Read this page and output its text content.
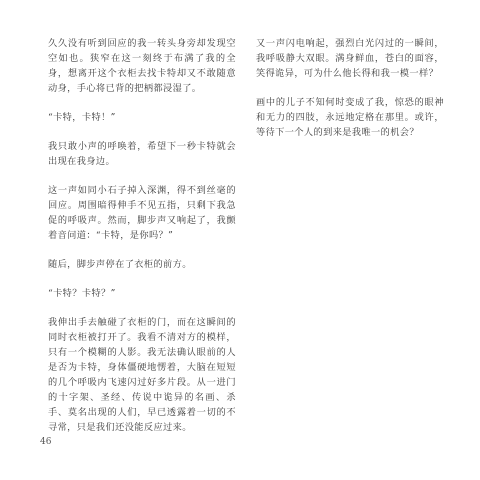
久久没有听到回应的我一转头身旁却发现空空如也。狭窄在这一刻终于布满了我的全身，想离开这个衣柜去找卡特却又不敢随意动身，手心将已背的把柄都浸湿了。

“卡特，卡特！”

我只敢小声的呼唤着，希望下一秒卡特就会出现在我身边。

这一声如同小石子掉入深渊，得不到丝毫的回应。周围暗得伸手不见五指，只剩下我急促的呼吸声。然而，脚步声又响起了，我颤着音问道：“卡特，是你吗？”

随后，脚步声停在了衣柜的前方。

“卡特？卡特？”

我伸出手去触碰了衣柜的门，而在这瞬间的同时衣柜被打开了。我看不清对方的模样，只有一个模糊的人影。我无法确认眼前的人是否为卡特，身体僵硬地愣着，大脑在短短的几个呼吸内飞速闪过好多片段。从一进门的十字架、圣经、传说中诡异的名画、杀手、莫名出现的人们，早已透露着一切的不寻常，只是我们还没能反应过来。

又一声闪电响起，强烈白光闪过的一瞬间，我呼吸静大双眼。满身鲜血，苍白的面容，笑得诡异，可为什么他长得和我一模一样？

画中的儿子不知何时变成了我，惊恐的眼神和无力的四肢，永远地定格在那里。或许，等待下一个人的到来是我唯一的机会？

46
